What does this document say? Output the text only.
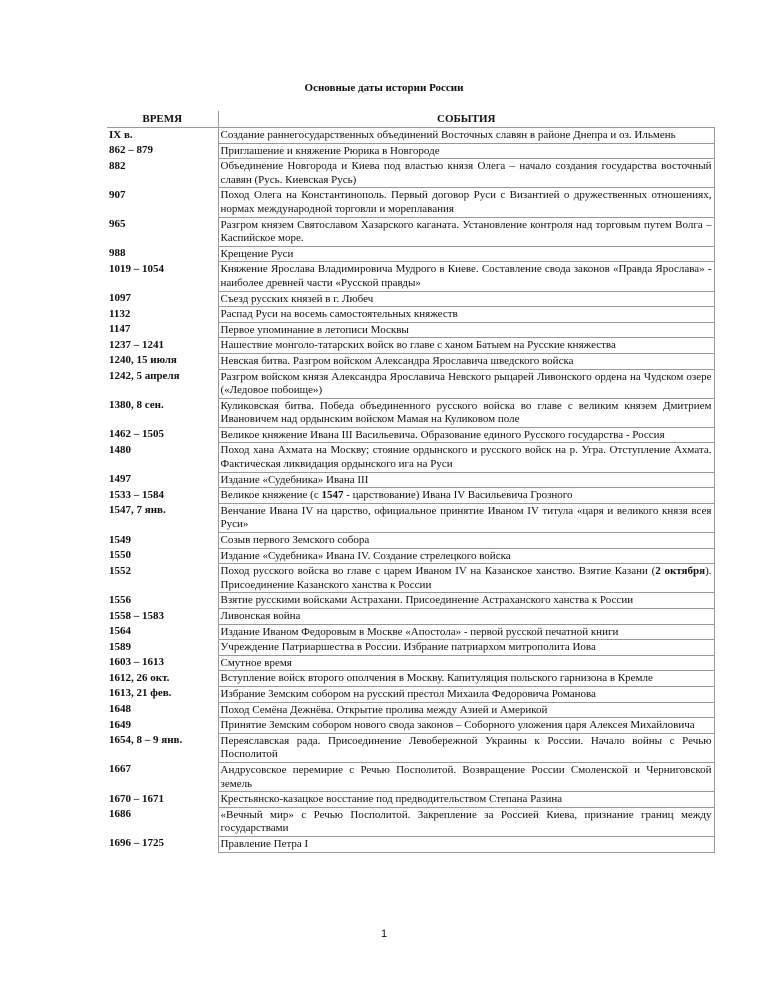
Основные даты истории России
ВРЕМЯ	СОБЫТИЯ
IX в.	Создание раннегосударственных объединений Восточных славян в районе Днепра и оз. Ильмень
862 – 879	Приглашение и княжение Рюрика в Новгороде
882	Объединение Новгорода и Киева под властью князя Олега – начало создания государства восточный славян (Русь. Киевская Русь)
907	Поход Олега на Константинополь. Первый договор Руси с Византией о дружественных отношениях, нормах международной торговли и мореплавания
965	Разгром князем Святославом Хазарского каганата. Установление контроля над торговым путем Волга – Каспийское море.
988	Крещение Руси
1019 – 1054	Княжение Ярослава Владимировича Мудрого в Киеве. Составление свода законов «Правда Ярослава» - наиболее древней части «Русской правды»
1097	Съезд русских князей в г. Любеч
1132	Распад Руси на восемь самостоятельных княжеств
1147	Первое упоминание в летописи Москвы
1237 – 1241	Нашествие монголо-татарских войск во главе с ханом Батыем на Русские княжества
1240, 15 июля	Невская битва. Разгром войском Александра Ярославича шведского войска
1242, 5 апреля	Разгром войском князя Александра Ярославича Невского рыцарей Ливонского ордена на Чудском озере («Ледовое побоище»)
1380, 8 сен.	Куликовская битва. Победа объединенного русского войска во главе с великим князем Дмитрием Ивановичем над ордынским войском Мамая на Куликовом поле
1462 – 1505	Великое княжение Ивана III Васильевича. Образование единого Русского государства - Россия
1480	Поход хана Ахмата на Москву; стояние ордынского и русского войск на р. Угра. Отступление Ахмата. Фактическая ликвидация ордынского ига на Руси
1497	Издание «Судебника» Ивана III
1533 – 1584	Великое княжение (с 1547 - царствование) Ивана IV Васильевича Грозного
1547, 7 янв.	Венчание Ивана IV на царство, официальное принятие Иваном IV титула «царя и великого князя всея Руси»
1549	Созыв первого Земского собора
1550	Издание «Судебника» Ивана IV. Создание стрелецкого войска
1552	Поход русского войска во главе с царем Иваном IV на Казанское ханство. Взятие Казани (2 октября). Присоединение Казанского ханства к России
1556	Взятие русскими войсками Астрахани. Присоединение Астраханского ханства к России
1558 – 1583	Ливонская война
1564	Издание Иваном Федоровым в Москве «Апостола» - первой русской печатной книги
1589	Учреждение Патриаршества в России. Избрание патриархом митрополита Иова
1603 – 1613	Смутное время
1612, 26 окт.	Вступление войск второго ополчения в Москву. Капитуляция польского гарнизона в Кремле
1613, 21 фев.	Избрание Земским собором на русский престол Михаила Федоровича Романова
1648	Поход Семёна Дежнёва. Открытие пролива между Азией и Америкой
1649	Принятие Земским собором нового свода законов – Соборного уложения царя Алексея Михайловича
1654, 8 – 9 янв.	Переяславская рада. Присоединение Левобережной Украины к России. Начало войны с Речью Посполитой
1667	Андрусовское перемирие с Речью Посполитой. Возвращение России Смоленской и Черниговской земель
1670 – 1671	Крестьянско-казацкое восстание под предводительством Степана Разина
1686	«Вечный мир» с Речью Посполитой. Закрепление за Россией Киева, признание границ между государствами
1696 – 1725	Правление Петра I
1
